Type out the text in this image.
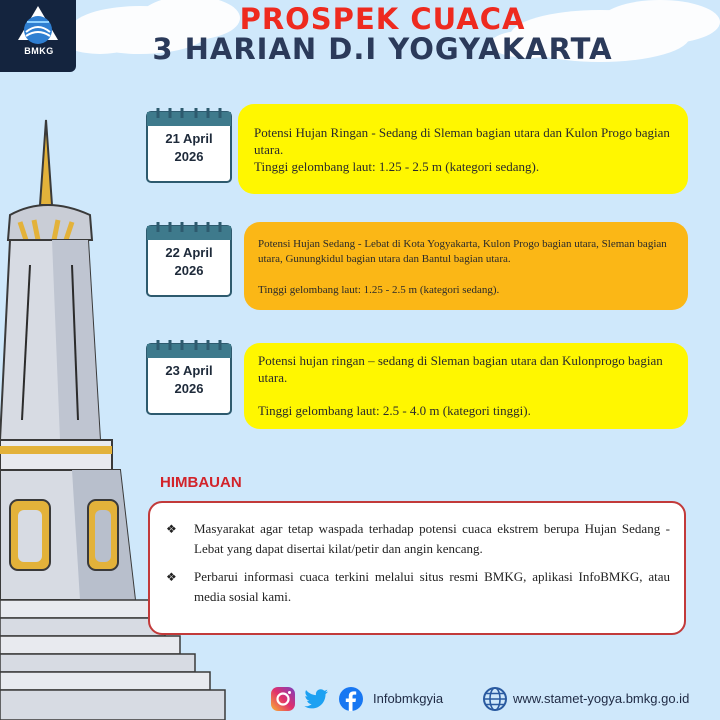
BMKG
PROSPEK CUACA
3 HARIAN D.I YOGYAKARTA
21 April
2026

Potensi Hujan Ringan - Sedang di Sleman bagian utara dan Kulon Progo bagian utara.

Tinggi gelombang laut: 1.25 - 2.5 m (kategori sedang).

22 April
2026

Potensi Hujan Sedang - Lebat di Kota Yogyakarta, Kulon Progo bagian utara, Sleman bagian utara, Gunungkidul bagian utara dan Bantul bagian utara.

Tinggi gelombang laut: 1.25 - 2.5 m (kategori sedang).

23 April
2026

Potensi hujan ringan – sedang di Sleman bagian utara dan Kulonprogo bagian utara.

Tinggi gelombang laut: 2.5 - 4.0 m (kategori tinggi).

HIMBAUAN
❖ Masyarakat agar tetap waspada terhadap potensi cuaca ekstrem berupa Hujan Sedang - Lebat yang dapat disertai kilat/petir dan angin kencang.
❖ Perbarui informasi cuaca terkini melalui situs resmi BMKG, aplikasi InfoBMKG, atau media sosial kami.
Infobmkgyia	www.stamet-yogya.bmkg.go.id
